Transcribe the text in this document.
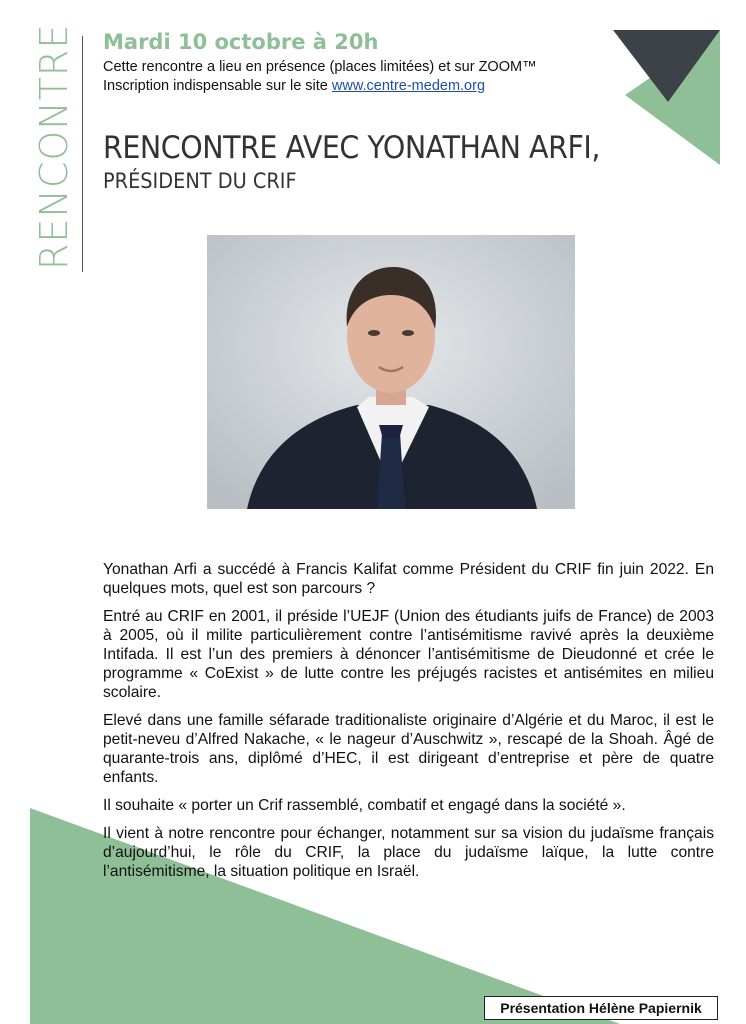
RENCONTRE Mardi 10 octobre à 20h
Cette rencontre a lieu en présence (places limitées) et sur ZOOM™
Inscription indispensable sur le site www.centre-medem.org
RENCONTRE AVEC YONATHAN ARFI,
PRÉSIDENT DU CRIF

Yonathan Arfi a succédé à Francis Kalifat comme Président du CRIF fin juin 2022. En quelques mots, quel est son parcours ?

Entré au CRIF en 2001, il préside l’UEJF (Union des étudiants juifs de France) de 2003 à 2005, où il milite particulièrement contre l’antisémitisme ravivé après la deuxième Intifada. Il est l’un des premiers à dénoncer l’antisémitisme de Dieudonné et crée le programme « CoExist » de lutte contre les préjugés racistes et antisémites en milieu scolaire.

Elevé dans une famille séfarade traditionaliste originaire d’Algérie et du Maroc, il est le petit-neveu d’Alfred Nakache, « le nageur d’Auschwitz », rescapé de la Shoah. Âgé de quarante-trois ans, diplômé d’HEC, il est dirigeant d’entreprise et père de quatre enfants.

Il souhaite « porter un Crif rassemblé, combatif et engagé dans la société ».

Il vient à notre rencontre pour échanger, notamment sur sa vision du judaïsme français d’aujourd’hui, le rôle du CRIF, la place du judaïsme laïque, la lutte contre l’antisémitisme, la situation politique en Israël.

Présentation Hélène Papiernik
